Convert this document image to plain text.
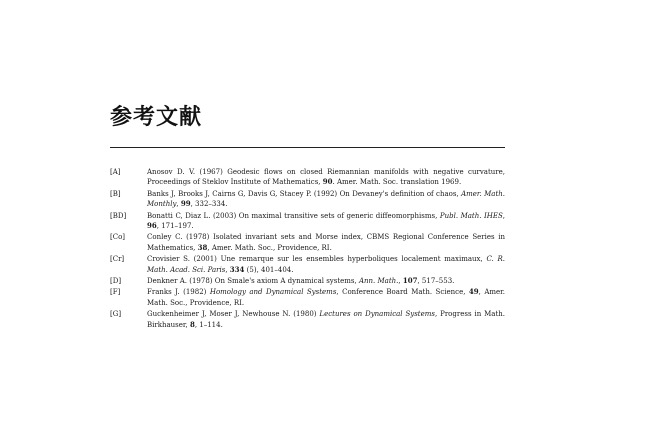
参考文献
[A]	Anosov D. V. (1967) Geodesic flows on closed Riemannian manifolds with negative curvature, Proceedings of Steklov Institute of Mathematics, 90. Amer. Math. Soc. translation 1969.
[B]	Banks J, Brooks J, Cairns G, Davis G, Stacey P. (1992) On Devaney's definition of chaos, Amer. Math. Monthly, 99, 332–334.
[BD]	Bonatti C, Diaz L. (2003) On maximal transitive sets of generic diffeomorphisms, Publ. Math. IHES, 96, 171–197.
[Co]	Conley C. (1978) Isolated invariant sets and Morse index, CBMS Regional Conference Series in Mathematics, 38, Amer. Math. Soc., Providence, RI.
[Cr]	Crovisier S. (2001) Une remarque sur les ensembles hyperboliques localement maximaux, C. R. Math. Acad. Sci. Paris, 334 (5), 401–404.
[D]	Denkner A. (1978) On Smale's axiom A dynamical systems, Ann. Math., 107, 517–553.
[F]	Franks J. (1982) Homology and Dynamical Systems, Conference Board Math. Science, 49, Amer. Math. Soc., Providence, RI.
[G]	Guckenheimer J, Moser J, Newhouse N. (1980) Lectures on Dynamical Systems, Progress in Math. Birkhauser, 8, 1–114.
